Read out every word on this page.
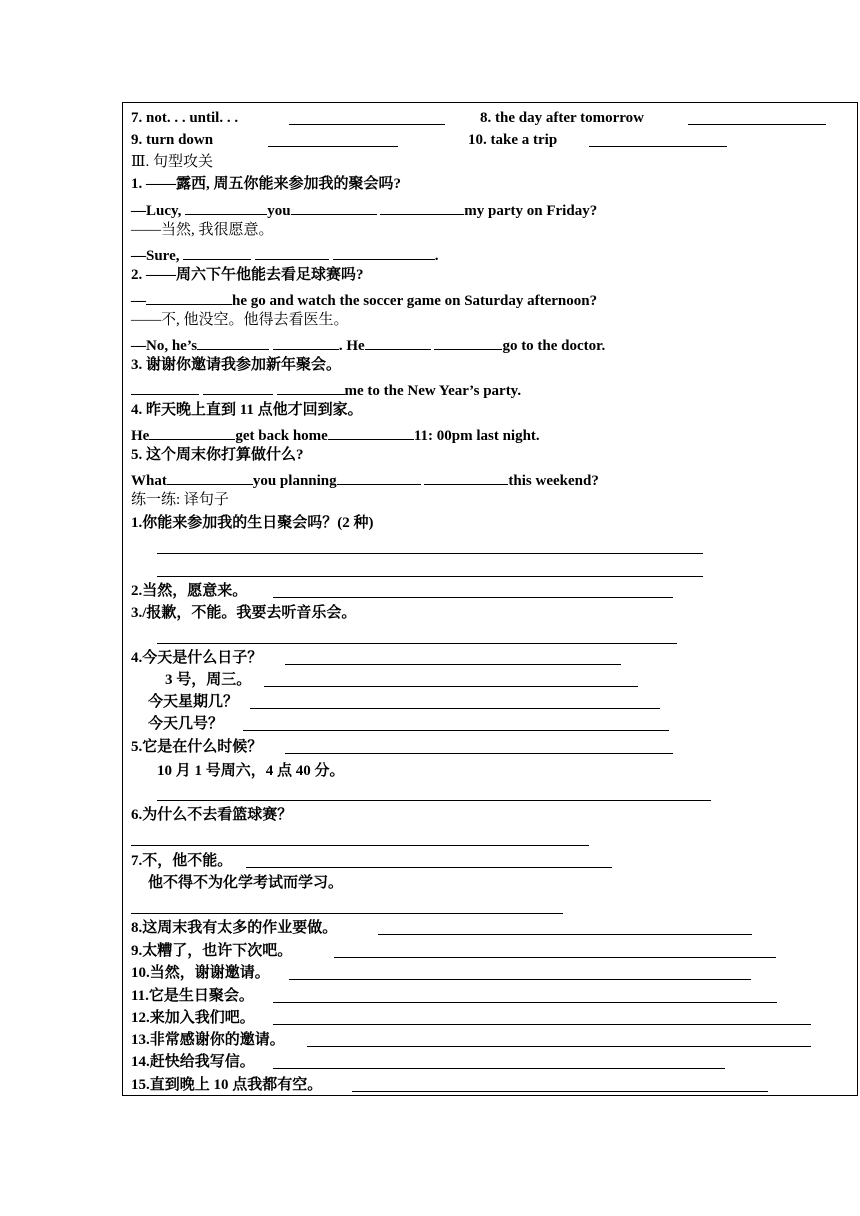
7. not. . . until. . .	8. the day after tomorrow
9. turn down	10. take a trip
Ⅲ. 句型攻关
1. ——露西, 周五你能来参加我的聚会吗?
—Lucy,	you	my party on Friday?
——当然, 我很愿意。
—Sure,	.
2. ——周六下午他能去看足球赛吗?
—	he go and watch the soccer game on Saturday afternoon?
——不, 他没空。他得去看医生。
—No, he’s	. He	go to the doctor.
3. 谢谢你邀请我参加新年聚会。
me to the New Year’s party.
4. 昨天晚上直到 11 点他才回到家。
He	get back home	11: 00pm last night.
5. 这个周末你打算做什么?
What	you planning	this weekend?
练一练: 译句子
1.你能来参加我的生日聚会吗？(2 种)
2.当然，愿意来。
3./报歉，不能。我要去听音乐会。
4.今天是什么日子？
3 号，周三。
今天星期几？
今天几号？
5.它是在什么时候？
10 月 1 号周六，4 点 40 分。
6.为什么不去看篮球赛？
7.不，他不能。
他不得不为化学考试而学习。
8.这周末我有太多的作业要做。
9.太糟了，也许下次吧。
10.当然，谢谢邀请。
11.它是生日聚会。
12.来加入我们吧。
13.非常感谢你的邀请。
14.赶快给我写信。
15.直到晚上 10 点我都有空。
